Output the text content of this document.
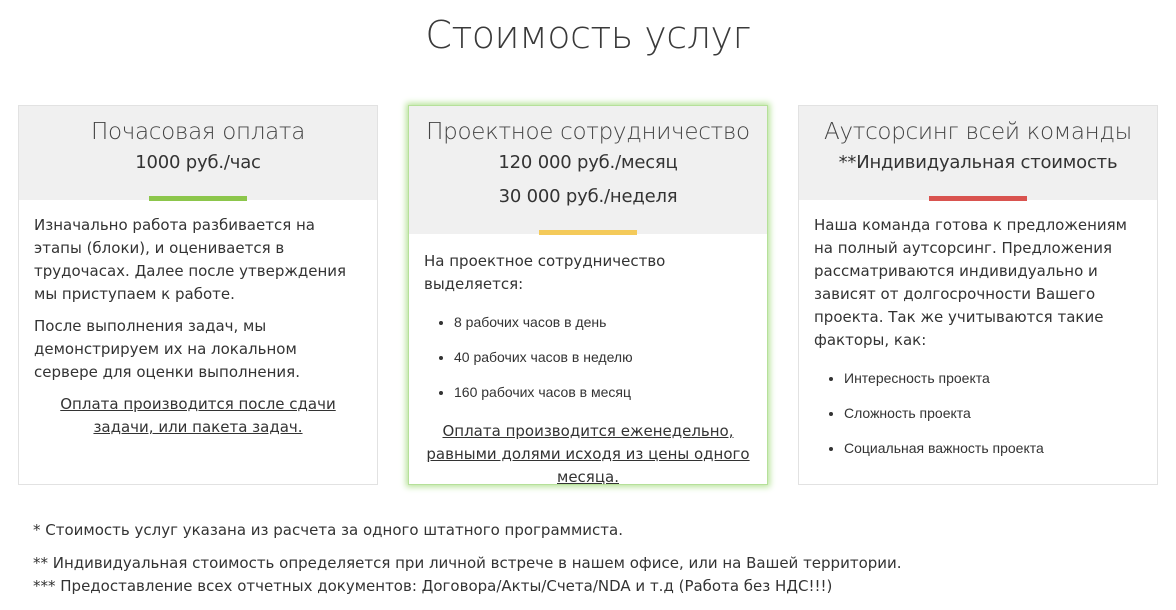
Стоимость услуг
Почасовая оплата
1000 руб./час

Изначально работа разбивается на этапы (блоки), и оценивается в трудочасах. Далее после утверждения мы приступаем к работе.

После выполнения задач, мы демонстрируем их на локальном сервере для оценки выполнения.

Оплата производится после сдачи задачи, или пакета задач.

Проектное сотрудничество
120 000 руб./месяц
30 000 руб./неделя

На проектное сотрудничество выделяется:

• 8 рабочих часов в день
• 40 рабочих часов в неделю
• 160 рабочих часов в месяц

Оплата производится еженедельно, равными долями исходя из цены одного месяца.

Аутсорсинг всей команды
**Индивидуальная стоимость

Наша команда готова к предложениям на полный аутсорсинг. Предложения рассматриваются индивидуально и зависят от долгосрочности Вашего проекта. Так же учитываются такие факторы, как:

• Интересность проекта
• Сложность проекта
• Социальная важность проекта
* Стоимость услуг указана из расчета за одного штатного программиста.
** Индивидуальная стоимость определяется при личной встрече в нашем офисе, или на Вашей территории.
*** Предоставление всех отчетных документов: Договора/Акты/Счета/NDA и т.д (Работа без НДС!!!)
